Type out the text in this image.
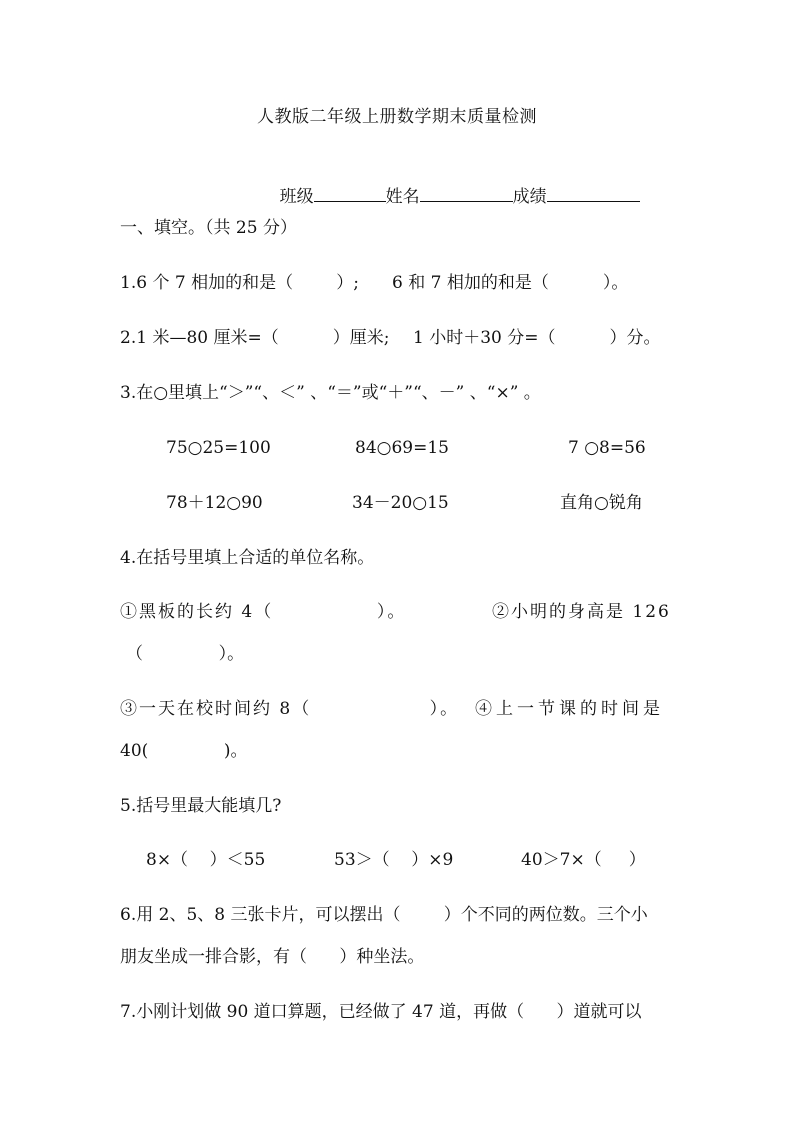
人教版二年级上册数学期末质量检测

班级	姓名	成绩

一、填空。（共 25 分）
1.6 个 7 相加的和是（        ）; 6 和 7 相加的和是（          ）。
2.1 米—80 厘米=（          ）厘米; 1 小时＋30 分=（          ）分。
3.在○里填上“＞”“、＜” 、“＝”或“＋”“、－” 、“×” 。
75○25=100	84○69=15	7 ○8=56
78＋12○90	34－20○15	直角○锐角
4.在括号里填上合适的单位名称。
①黑板的长约 4（              ）。	②小明的身高是 126
（              ）。
③一天在校时间约 8（                ）。 ④上一节课的时间是
40(              )。
5.括号里最大能填几?
8×（    ）＜55	53＞（    ）×9	40＞7×（     ）
6.用 2、5、8 三张卡片，可以摆出（        ）个不同的两位数。三个小
朋友坐成一排合影，有（      ）种坐法。
7.小刚计划做 90 道口算题，已经做了 47 道，再做（      ）道就可以
